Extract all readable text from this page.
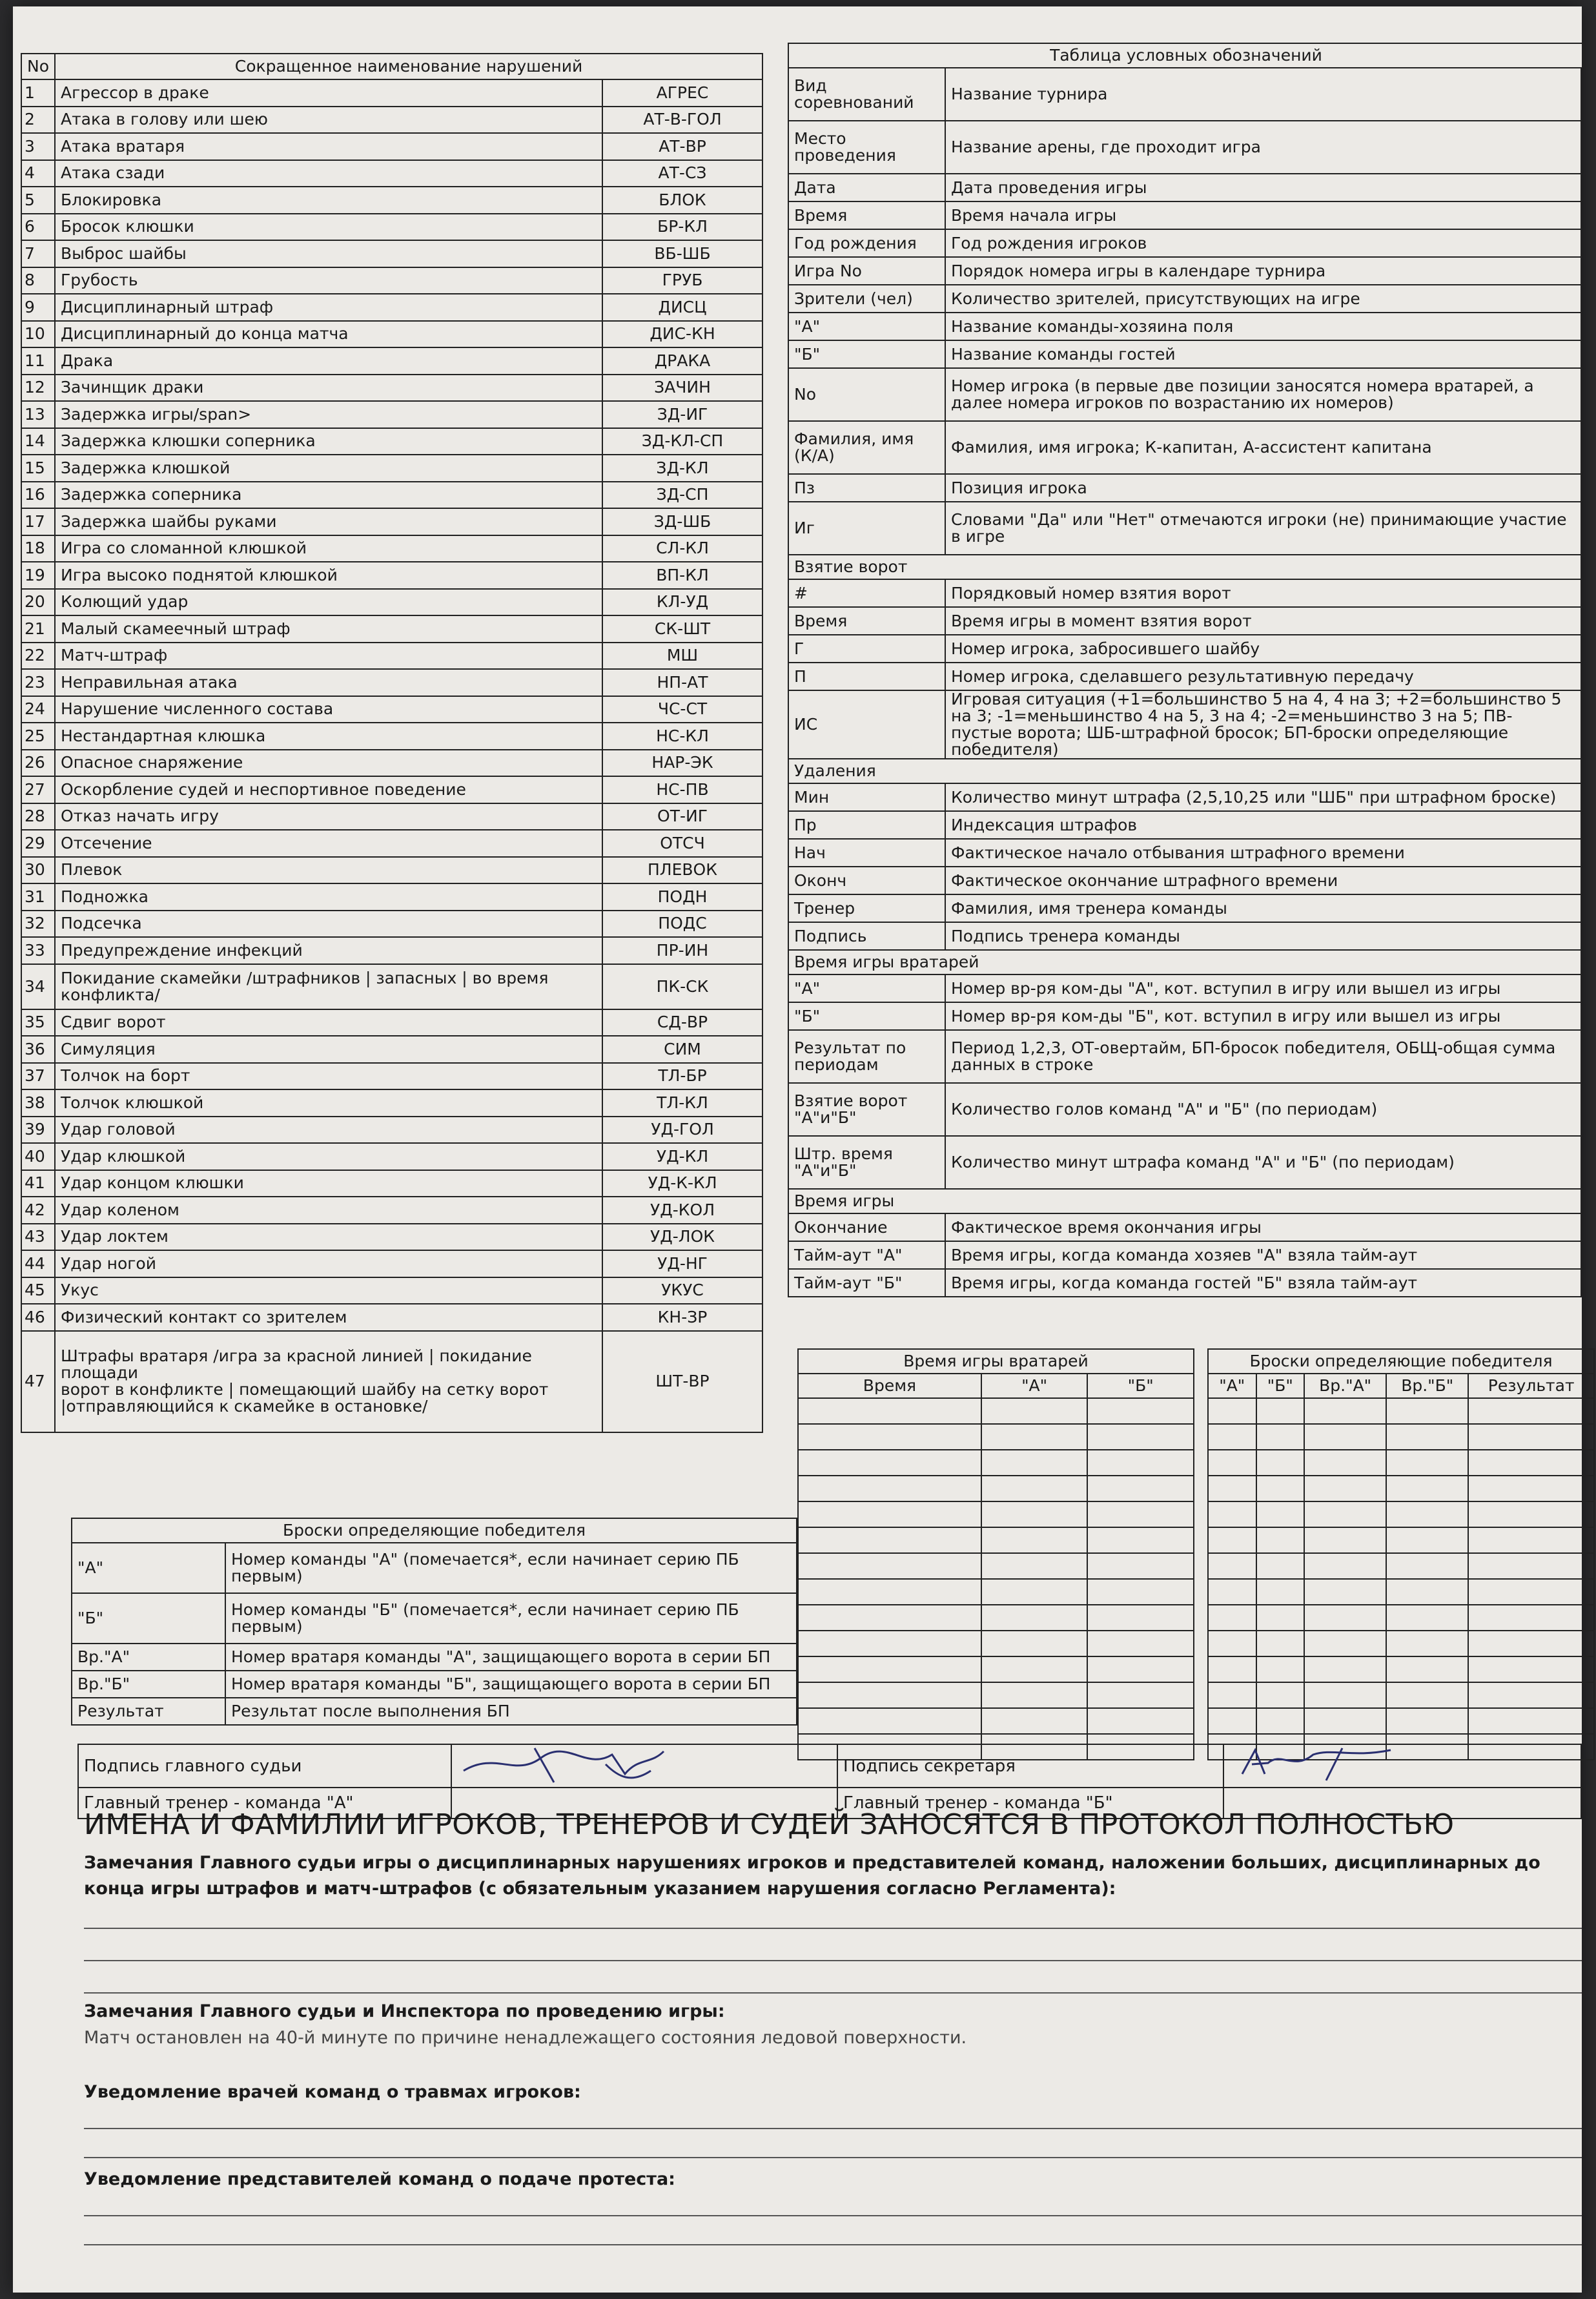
No	Сокращенное наименование нарушений	
1	Агрессор в драке	АГРЕС
2	Атака в голову или шею	АТ-В-ГОЛ
3	Атака вратаря	АТ-ВР
4	Атака сзади	АТ-СЗ
5	Блокировка	БЛОК
6	Бросок клюшки	БР-КЛ
7	Выброс шайбы	ВБ-ШБ
8	Грубость	ГРУБ
9	Дисциплинарный штраф	ДИСЦ
10	Дисциплинарный до конца матча	ДИС-КН
11	Драка	ДРАКА
12	Зачинщик драки	ЗАЧИН
13	Задержка игры/span>	ЗД-ИГ
14	Задержка клюшки соперника	ЗД-КЛ-СП
15	Задержка клюшкой	ЗД-КЛ
16	Задержка соперника	ЗД-СП
17	Задержка шайбы руками	ЗД-ШБ
18	Игра со сломанной клюшкой	СЛ-КЛ
19	Игра высоко поднятой клюшкой	ВП-КЛ
20	Колющий удар	КЛ-УД
21	Малый скамеечный штраф	СК-ШТ
22	Матч-штраф	МШ
23	Неправильная атака	НП-АТ
24	Нарушение численного состава	ЧС-СТ
25	Нестандартная клюшка	НС-КЛ
26	Опасное снаряжение	НАР-ЭК
27	Оскорбление судей и неспортивное поведение	НС-ПВ
28	Отказ начать игру	ОТ-ИГ
29	Отсечение	ОТСЧ
30	Плевок	ПЛЕВОК
31	Подножка	ПОДН
32	Подсечка	ПОДС
33	Предупреждение инфекций	ПР-ИН
34	Покидание скамейки /штрафников | запасных | во время конфликта/	ПК-СК
35	Сдвиг ворот	СД-ВР
36	Симуляция	СИМ
37	Толчок на борт	ТЛ-БР
38	Толчок клюшкой	ТЛ-КЛ
39	Удар головой	УД-ГОЛ
40	Удар клюшкой	УД-КЛ
41	Удар концом клюшки	УД-К-КЛ
42	Удар коленом	УД-КОЛ
43	Удар локтем	УД-ЛОК
44	Удар ногой	УД-НГ
45	Укус	УКУС
46	Физический контакт со зрителем	КН-ЗР
47	Штрафы вратаря /игра за красной линией | покидание
площади
ворот в конфликте | помещающий шайбу на сетку ворот
|отправляющийся к скамейке в остановке/	ШТ-ВР
Таблица условных обозначений
Вид соревнований	Название турнира
Место проведения	Название арены, где проходит игра
Дата	Дата проведения игры
Время	Время начала игры
Год рождения	Год рождения игроков
Игра No	Порядок номера игры в календаре турнира
Зрители (чел)	Количество зрителей, присутствующих на игре
"А"	Название команды-хозяина поля
"Б"	Название команды гостей
No	Номер игрока (в первые две позиции заносятся номера вратарей, а далее номера игроков по возрастанию их номеров)
Фамилия, имя (К/А)	Фамилия, имя игрока; К-капитан, А-ассистент капитана
Пз	Позиция игрока
Иг	Словами "Да" или "Нет" отмечаются игроки (не) принимающие участие в игре
Взятие ворот	
#	Порядковый номер взятия ворот
Время	Время игры в момент взятия ворот
Г	Номер игрока, забросившего шайбу
П	Номер игрока, сделавшего результативную передачу
ИС	Игровая ситуация (+1=большинство 5 на 4, 4 на 3; +2=большинство 5 на 3; -1=меньшинство 4 на 5, 3 на 4; -2=меньшинство 3 на 5; ПВ- пустые ворота; ШБ-штрафной бросок; БП-броски определяющие победителя)
Удаления	
Мин	Количество минут штрафа (2,5,10,25 или "ШБ" при штрафном броске)
Пр	Индексация штрафов
Нач	Фактическое начало отбывания штрафного времени
Оконч	Фактическое окончание штрафного времени
Тренер	Фамилия, имя тренера команды
Подпись	Подпись тренера команды
Время игры вратарей	
"А"	Номер вр-ря ком-ды "А", кот. вступил в игру или вышел из игры
"Б"	Номер вр-ря ком-ды "Б", кот. вступил в игру или вышел из игры
Результат по периодам	Период 1,2,3, ОТ-овертайм, БП-бросок победителя, ОБЩ-общая сумма данных в строке
Взятие ворот "А"и"Б"	Количество голов команд "А" и "Б" (по периодам)
Штр. время "А"и"Б"	Количество минут штрафа команд "А" и "Б" (по периодам)
Время игры	
Окончание	Фактическое время окончания игры
Тайм-аут "А"	Время игры, когда команда хозяев "А" взяла тайм-аут
Тайм-аут "Б"	Время игры, когда команда гостей "Б" взяла тайм-аут
Время игры вратарей		
Время	"А"	"Б"

Броски определяющие победителя				
"А"	"Б"	Вр."А"	Вр."Б"	Результат

Броски определяющие победителя	
"А"	Номер команды "А" (помечается*, если начинает серию ПБ первым)
"Б"	Номер команды "Б" (помечается*, если начинает серию ПБ первым)
Вр."А"	Номер вратаря команды "А", защищающего ворота в серии БП
Вр."Б"	Номер вратаря команды "Б", защищающего ворота в серии БП
Результат	Результат после выполнения БП
Подпись главного судьи		Подпись секретаря	
Главный тренер - команда "А"		Главный тренер - команда "Б"	
ИМЕНА И ФАМИЛИИ ИГРОКОВ, ТРЕНЕРОВ И СУДЕЙ ЗАНОСЯТСЯ В ПРОТОКОЛ ПОЛНОСТЬЮ
Замечания Главного судьи игры о дисциплинарных нарушениях игроков и представителей команд, наложении больших, дисциплинарных до конца игры штрафов и матч-штрафов (с обязательным указанием нарушения согласно Регламента):
Замечания Главного судьи и Инспектора по проведению игры:
Матч остановлен на 40-й минуте по причине ненадлежащего состояния ледовой поверхности.
Уведомление врачей команд о травмах игроков:
Уведомление представителей команд о подаче протеста:
